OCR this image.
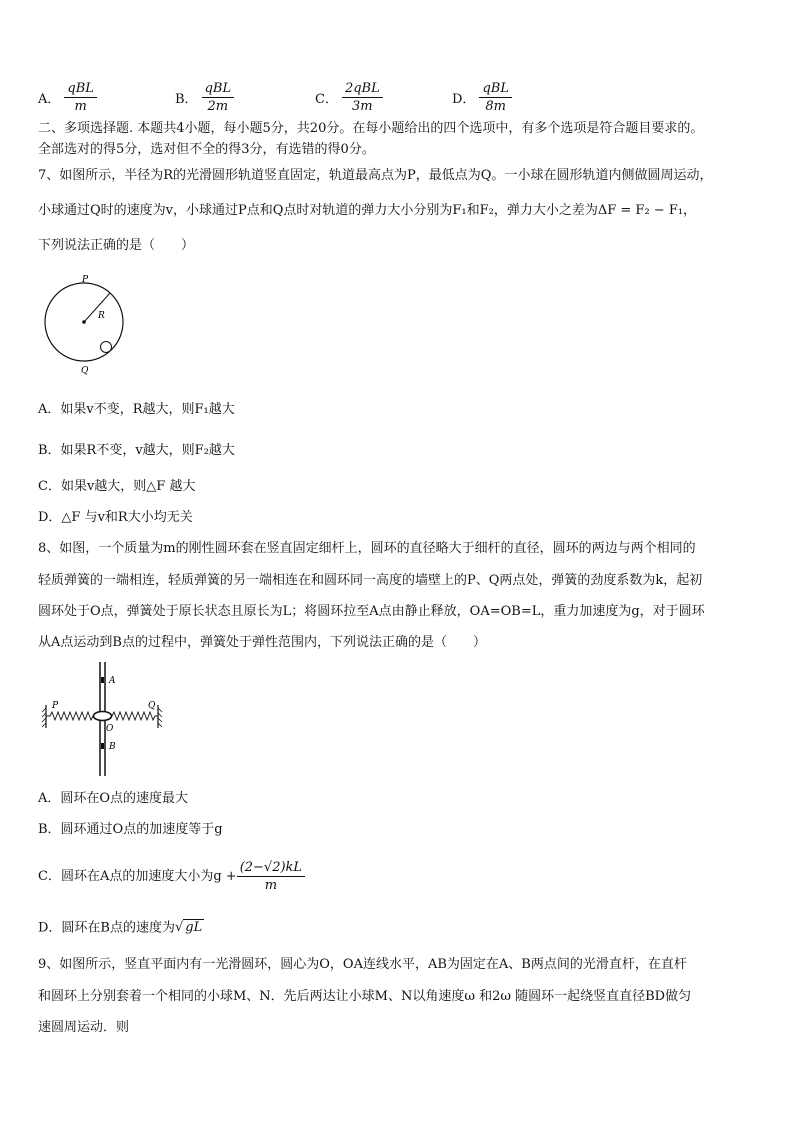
A． $\frac{\text{qBL}}{m}$	B． $\frac{\text{qBL}}{2m}$	C． $\frac{\text{2qBL}}{3m}$	D． $\frac{\text{qBL}}{8m}$
二、多项选择题. 本题共4小题，每小题5分，共20分。在每小题给出的四个选项中，有多个选项是符合题目要求的。
全部选对的得5分，选对但不全的得3分，有选错的得0分。
7、如图所示，半径为R的光滑圆形轨道竖直固定，轨道最高点为P，最低点为Q。一小球在圆形轨道内侧做圆周运动，
小球通过Q时的速度为v，小球通过P点和Q点时对轨道的弹力大小分别为F₁和F₂，弹力大小之差为ΔF = F₂ − F₁，
下列说法正确的是（　　）
P
R
Q
A．如果v不变，R越大，则F₁越大
B．如果R不变，v越大，则F₂越大
C．如果v越大，则△F 越大
D．△F 与v和R大小均无关
8、如图，一个质量为m的刚性圆环套在竖直固定细杆上，圆环的直径略大于细杆的直径，圆环的两边与两个相同的
轻质弹簧的一端相连，轻质弹簧的另一端相连在和圆环同一高度的墙壁上的P、Q两点处，弹簧的劲度系数为k，起初
圆环处于O点，弹簧处于原长状态且原长为L；将圆环拉至A点由静止释放，OA=OB=L，重力加速度为g，对于圆环
从A点运动到B点的过程中，弹簧处于弹性范围内，下列说法正确的是（　　）
A
P
O
Q
B
A．圆环在O点的速度最大
B．圆环通过O点的加速度等于g
C．圆环在A点的加速度大小为$g + \frac{(2-√2)kL}{m}$
D．圆环在B点的速度为√ gL
9、如图所示，竖直平面内有一光滑圆环，圆心为O，OA连线水平，AB为固定在A、B两点间的光滑直杆，在直杆
和圆环上分别套着一个相同的小球M、N．先后两达让小球M、N以角速度ω 和2ω 随圆环一起绕竖直直径BD做匀
速圆周运动．则
